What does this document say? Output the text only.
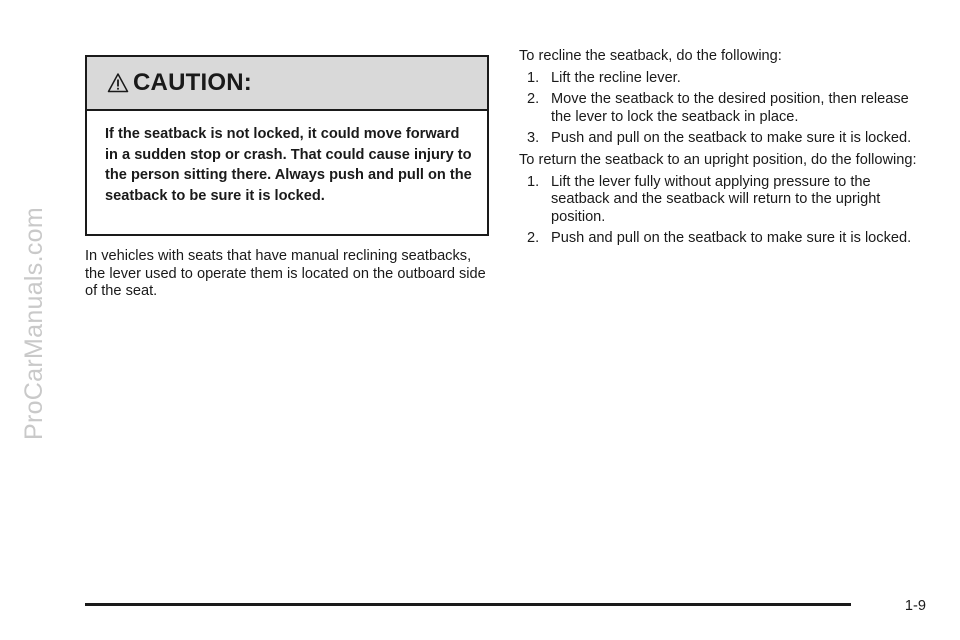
ProCarManuals.com
CAUTION:
If the seatback is not locked, it could move forward in a sudden stop or crash. That could cause injury to the person sitting there. Always push and pull on the seatback to be sure it is locked.
In vehicles with seats that have manual reclining seatbacks, the lever used to operate them is located on the outboard side of the seat.

To recline the seatback, do the following:

1. Lift the recline lever.
2. Move the seatback to the desired position, then release the lever to lock the seatback in place.
3. Push and pull on the seatback to make sure it is locked.

To return the seatback to an upright position, do the following:

1. Lift the lever fully without applying pressure to the seatback and the seatback will return to the upright position.
2. Push and pull on the seatback to make sure it is locked.
1-9
